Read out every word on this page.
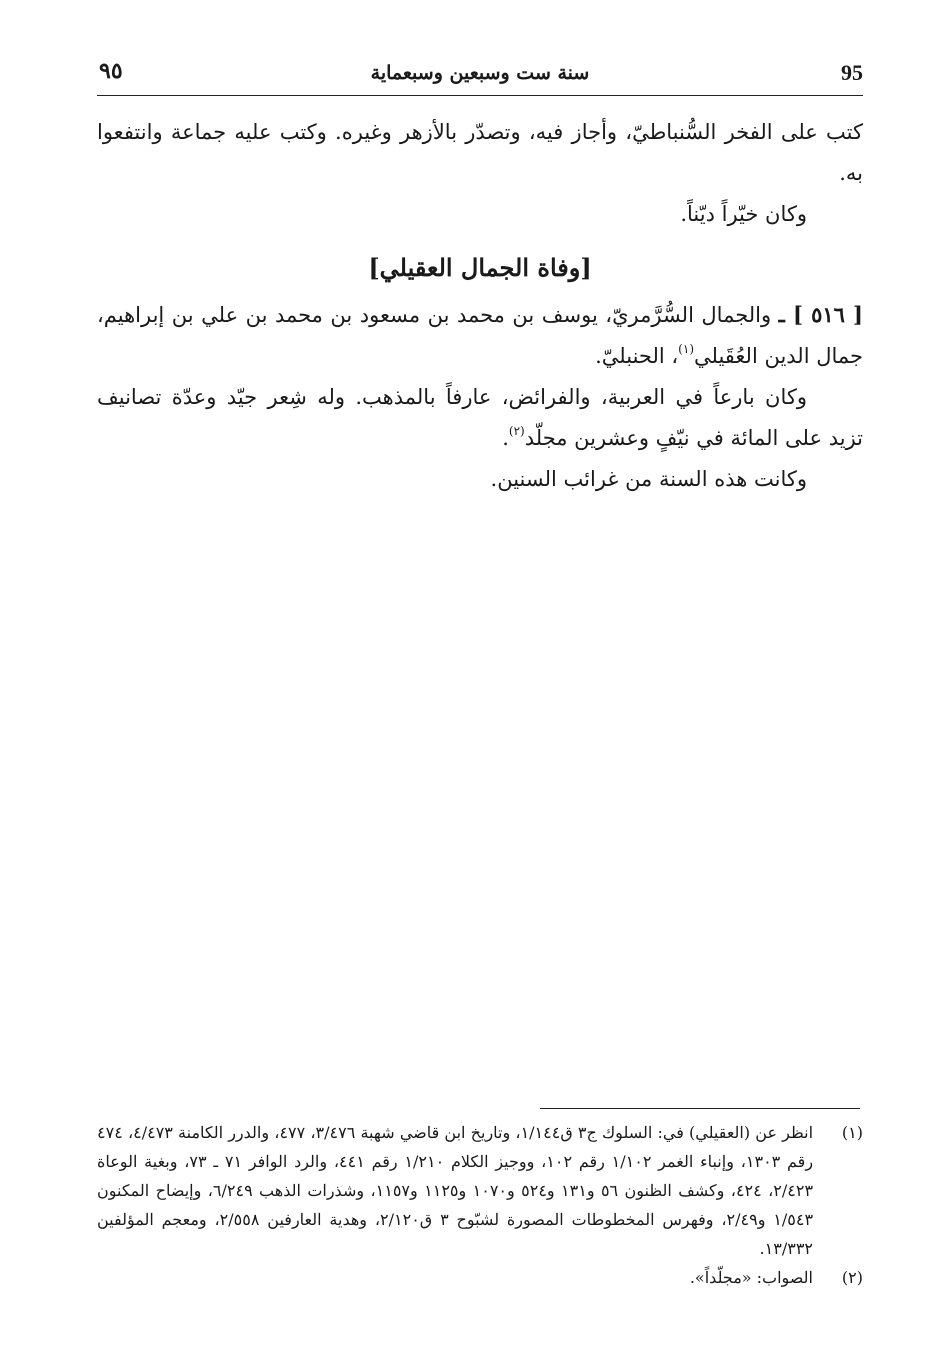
95
سنة ست وسبعين وسبعماية
٩٥

كتب على الفخر السُّنباطيّ، وأجاز فيه، وتصدّر بالأزهر وغيره. وكتب عليه جماعة وانتفعوا به.

وكان خيّراً ديّناً.

[وفاة الجمال العقيلي]

[ ٥١٦ ] ـ والجمال السُّرَّمريّ، يوسف بن محمد بن مسعود بن محمد بن علي بن إبراهيم، جمال الدين العُقَيلي$^{(١)}$، الحنبليّ.

وكان بارعاً في العربية، والفرائض، عارفاً بالمذهب. وله شِعر جيّد وعدّة تصانيف تزيد على المائة في نيّفٍ وعشرين مجلّد$^{(٢)}$.

وكانت هذه السنة من غرائب السنين.

(١)
انظر عن (العقيلي) في: السلوك ج٣ ق١/١٤٤، وتاريخ ابن قاضي شهبة ٣/٤٧٦، ٤٧٧، والدرر الكامنة ٤/٤٧٣، ٤٧٤ رقم ١٣٠٣، وإنباء الغمر ١/١٠٢ رقم ١٠٢، ووجيز الكلام ١/٢١٠ رقم ٤٤١، والرد الوافر ٧١ ـ ٧٣، وبغية الوعاة ٢/٤٢٣، ٤٢٤، وكشف الظنون ٥٦ و١٣١ و٥٢٤ و١٠٧٠ و١١٢٥ و١١٥٧، وشذرات الذهب ٦/٢٤٩، وإيضاح المكنون ١/٥٤٣ و٢/٤٩، وفهرس المخطوطات المصورة لشبّوح ٣ ق٢/١٢٠، وهدية العارفين ٢/٥٥٨، ومعجم المؤلفين ١٣/٣٣٢.

(٢)
الصواب: «مجلّداً».
